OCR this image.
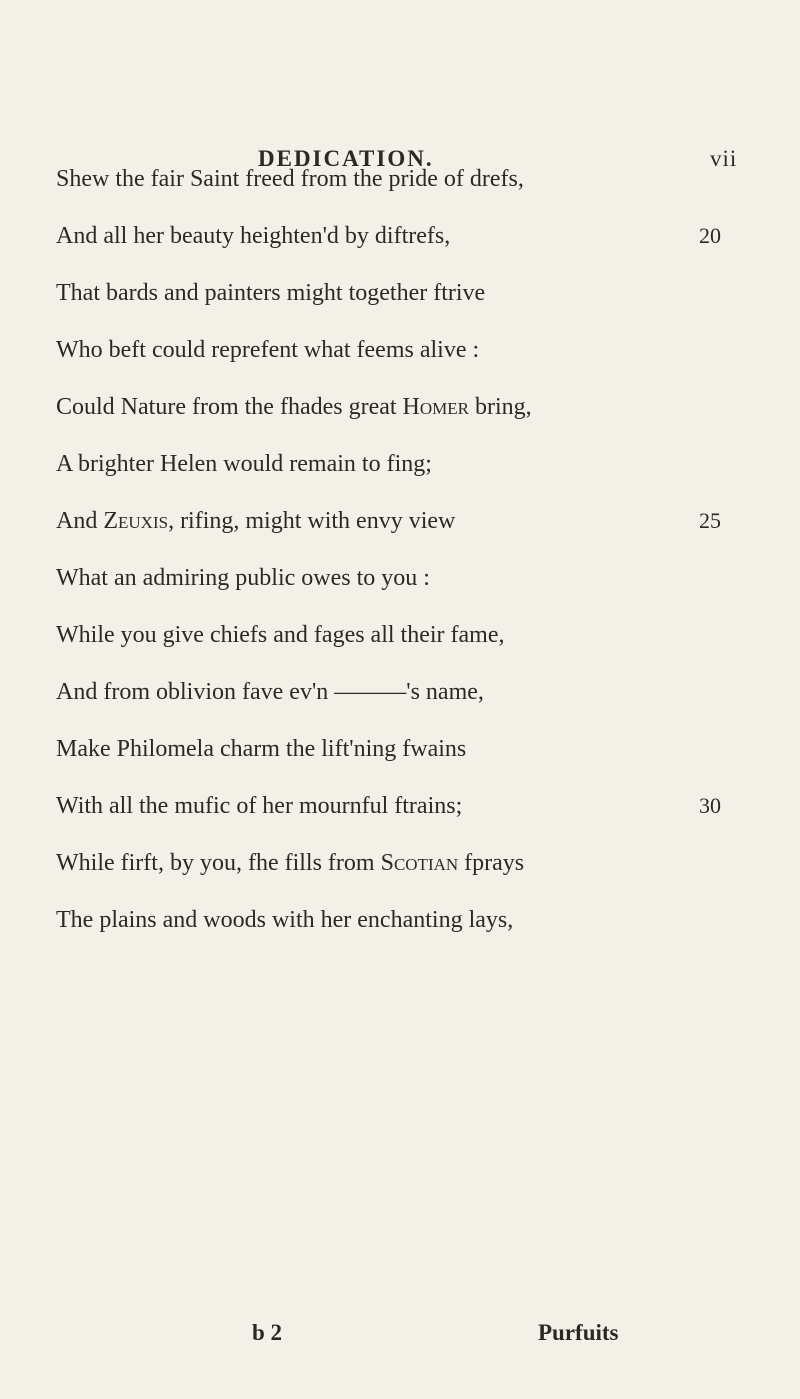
DEDICATION.	vii
Shew the fair Saint freed from the pride of drefs,
And all her beauty heighten'd by diftrefs,	20
That bards and painters might together ftrive
Who beft could reprefent what feems alive :
Could Nature from the fhades great Homer bring,
A brighter Helen would remain to fing;
And Zeuxis, rifing, might with envy view	25
What an admiring public owes to you :
While you give chiefs and fages all their fame,
And from oblivion fave ev'n ———'s name,
Make Philomela charm the lift'ning fwains
With all the mufic of her mournful ftrains;	30
While firft, by you, fhe fills from Scotian fprays
The plains and woods with her enchanting lays,
b 2	Purfuits
